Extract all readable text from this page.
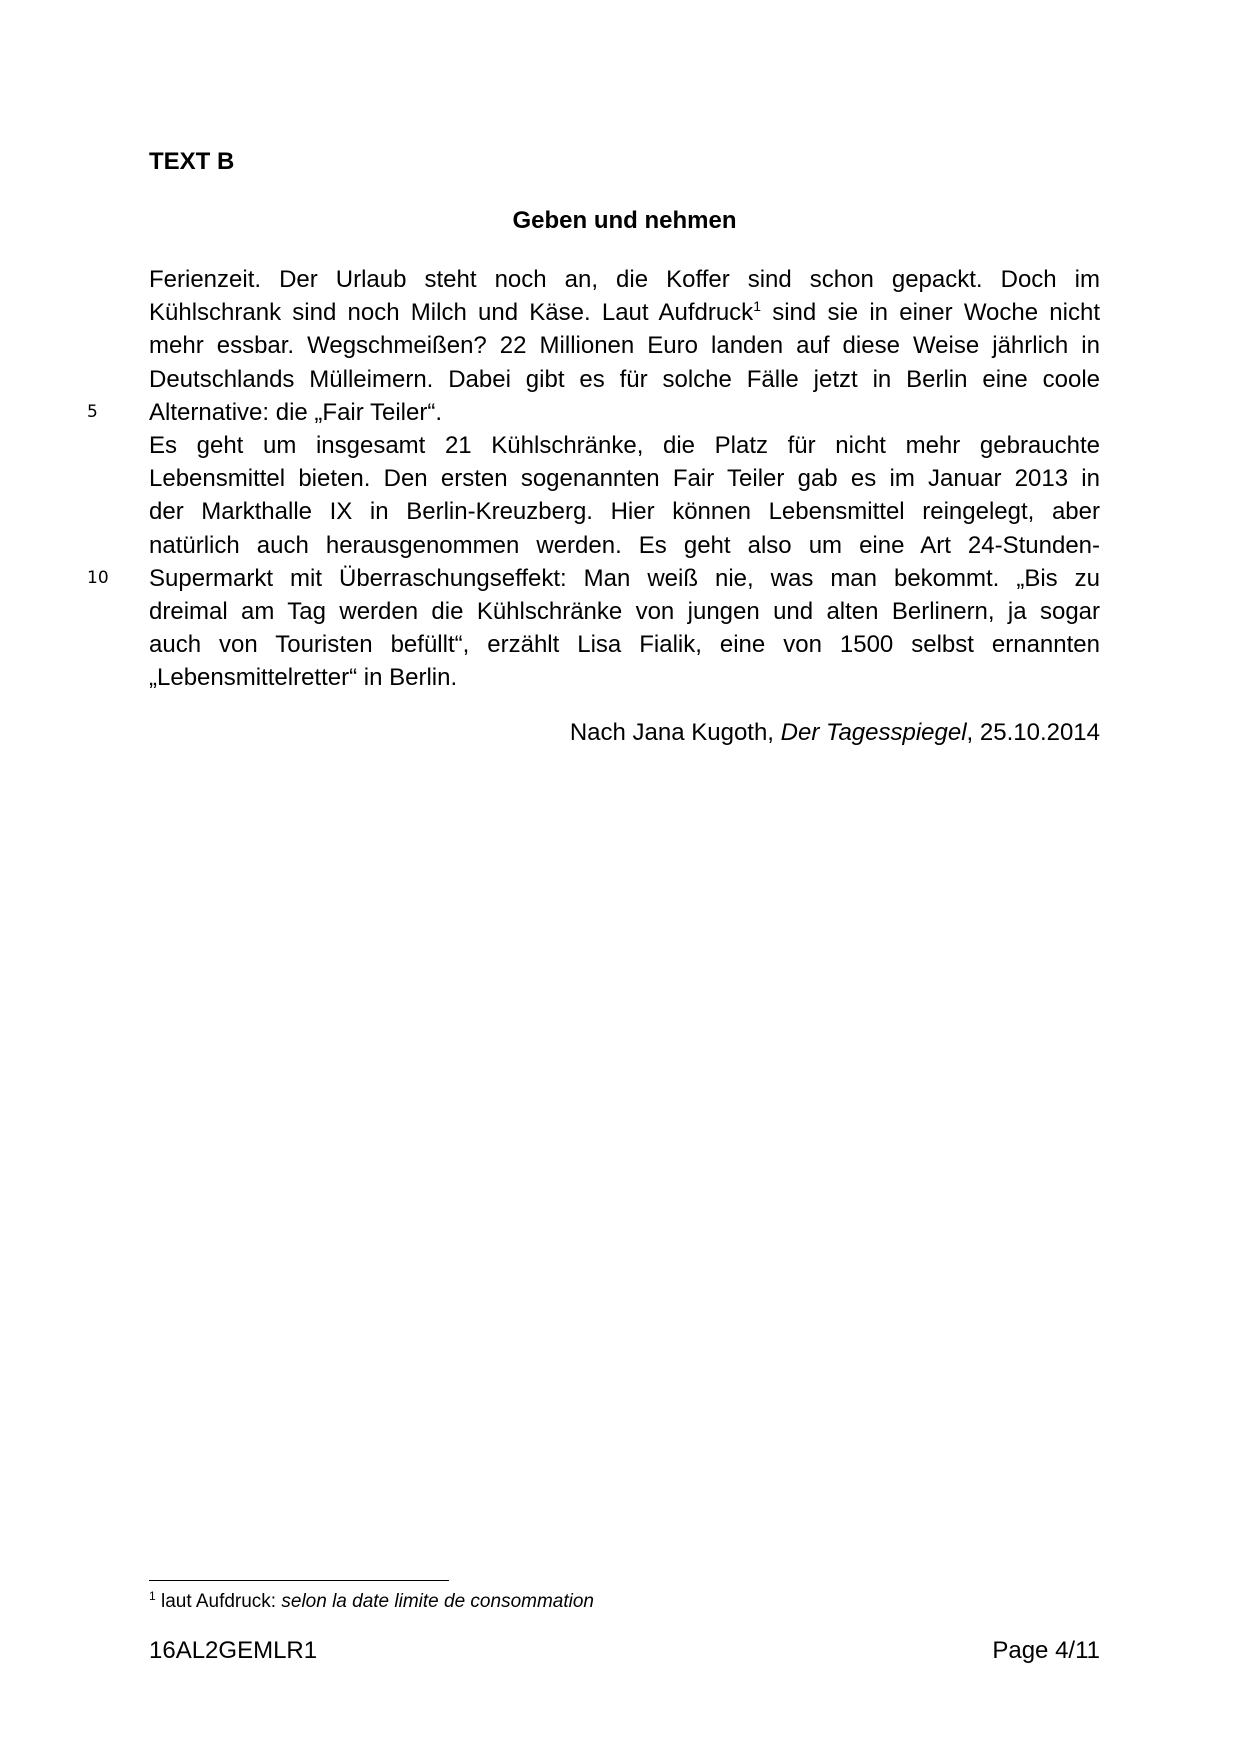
TEXT B

Geben und nehmen

Ferienzeit. Der Urlaub steht noch an, die Koffer sind schon gepackt. Doch im
Kühlschrank sind noch Milch und Käse. Laut Aufdruck$^1$ sind sie in einer Woche nicht
mehr essbar. Wegschmeißen? 22 Millionen Euro landen auf diese Weise jährlich in
Deutschlands Mülleimern. Dabei gibt es für solche Fälle jetzt in Berlin eine coole
5	Alternative: die „Fair Teiler“.
Es geht um insgesamt 21 Kühlschränke, die Platz für nicht mehr gebrauchte
Lebensmittel bieten. Den ersten sogenannten Fair Teiler gab es im Januar 2013 in
der Markthalle IX in Berlin-Kreuzberg. Hier können Lebensmittel reingelegt, aber
natürlich auch herausgenommen werden. Es geht also um eine Art 24-Stunden-
10	Supermarkt mit Überraschungseffekt: Man weiß nie, was man bekommt. „Bis zu
dreimal am Tag werden die Kühlschränke von jungen und alten Berlinern, ja sogar
auch von Touristen befüllt“, erzählt Lisa Fialik, eine von 1500 selbst ernannten
„Lebensmittelretter“ in Berlin.

Nach Jana Kugoth, Der Tagesspiegel, 25.10.2014

$^1$ laut Aufdruck: selon la date limite de consommation

16AL2GEMLR1	Page 4/11
